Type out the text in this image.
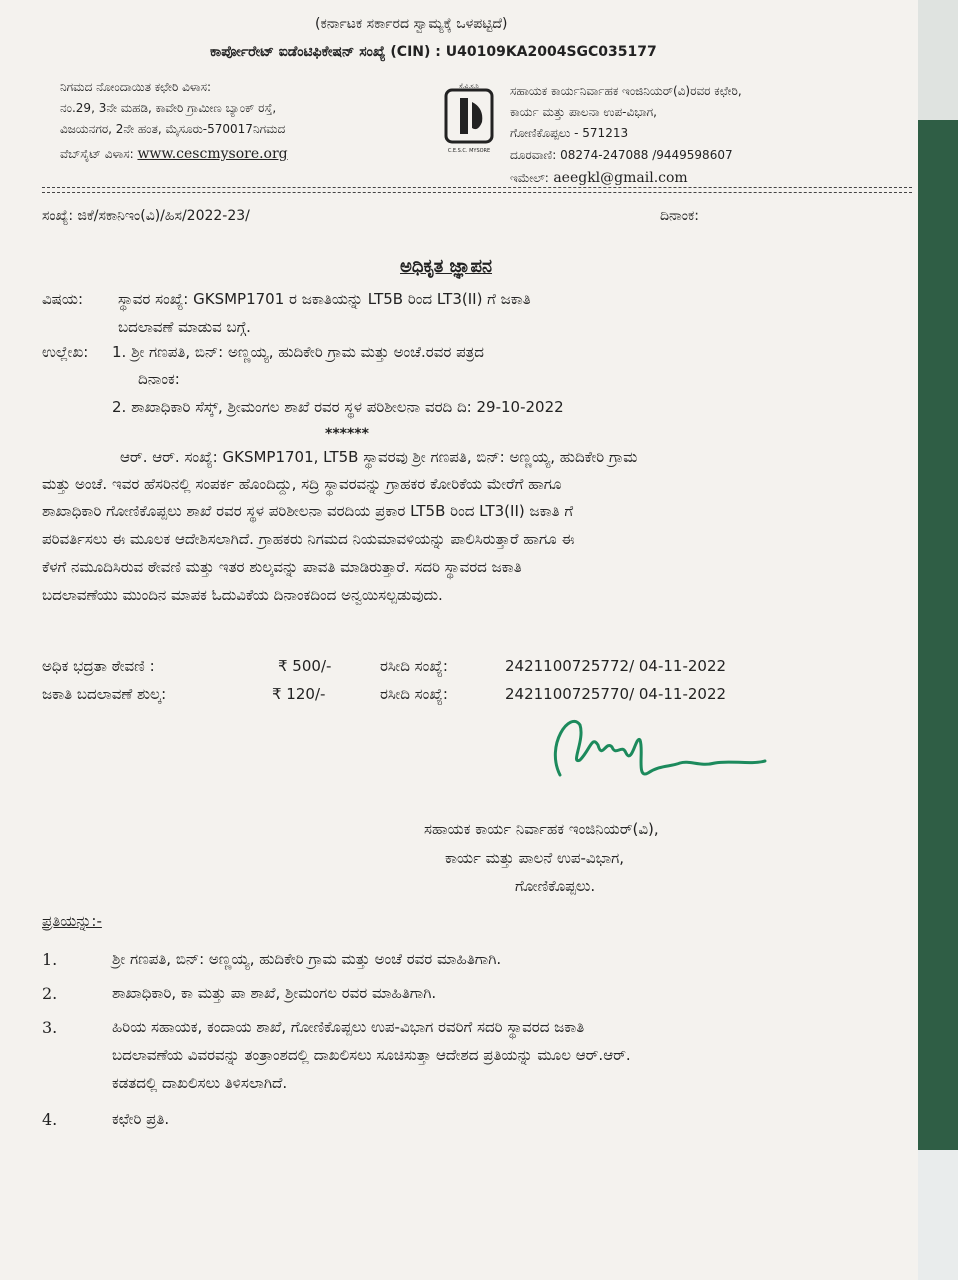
(ಕರ್ನಾಟಕ ಸರ್ಕಾರದ ಸ್ವಾಮ್ಯಕ್ಕೆ ಒಳಪಟ್ಟಿದೆ)
ಕಾರ್ಪೋರೇಟ್ ಐಡೆಂಟಿಫಿಕೇಷನ್ ಸಂಖ್ಯೆ (CIN) : U40109KA2004SGC035177
ನಿಗಮದ ನೋಂದಾಯಿತ ಕಛೇರಿ ವಿಳಾಸ:
ನಂ.29, 3ನೇ ಮಹಡಿ, ಕಾವೇರಿ ಗ್ರಾಮೀಣ ಬ್ಯಾಂಕ್ ರಸ್ತೆ,
ವಿಜಯನಗರ, 2ನೇ ಹಂತ, ಮೈಸೂರು-570017ನಿಗಮದ
ವೆಬ್‌ಸೈಟ್ ವಿಳಾಸ: www.cescmysore.org
ಸೆ.ವಿ.ಸ.ನಿ
C.E.S.C. MYSORE
ಸಹಾಯಕ ಕಾರ್ಯನಿರ್ವಾಹಕ ಇಂಜಿನಿಯರ್(ವಿ)ರವರ ಕಛೇರಿ,
ಕಾರ್ಯ ಮತ್ತು ಪಾಲನಾ ಉಪ-ವಿಭಾಗ,
ಗೋಣಿಕೊಪ್ಪಲು - 571213
ದೂರವಾಣಿ: 08274-247088 /9449598607
ಇಮೇಲ್: aeegkl@gmail.com
ಸಂಖ್ಯೆ: ಜಿಕೆ/ಸಕಾನಿಇಂ(ವಿ)/ಹಿಸ/2022-23/	ದಿನಾಂಕ:
ಅಧಿಕೃತ ಜ್ಞಾಪನ
ವಿಷಯ: ಸ್ಥಾವರ ಸಂಖ್ಯೆ: GKSMP1701 ರ ಜಕಾತಿಯನ್ನು LT5B ರಿಂದ LT3(II) ಗೆ ಜಕಾತಿ
ಬದಲಾವಣೆ ಮಾಡುವ ಬಗ್ಗೆ.
ಉಲ್ಲೇಖ: 1. ಶ್ರೀ ಗಣಪತಿ, ಬಿನ್: ಅಣ್ಣಯ್ಯ, ಹುದಿಕೇರಿ ಗ್ರಾಮ ಮತ್ತು ಅಂಚೆ.ರವರ ಪತ್ರದ
ದಿನಾಂಕ:
2. ಶಾಖಾಧಿಕಾರಿ ಸೆಸ್ಕ್, ಶ್ರೀಮಂಗಲ ಶಾಖೆ ರವರ ಸ್ಥಳ ಪರಿಶೀಲನಾ ವರದಿ ದಿ: 29-10-2022
******
ಆರ್. ಆರ್. ಸಂಖ್ಯೆ: GKSMP1701, LT5B ಸ್ಥಾವರವು ಶ್ರೀ ಗಣಪತಿ, ಬಿನ್: ಅಣ್ಣಯ್ಯ, ಹುದಿಕೇರಿ ಗ್ರಾಮ
ಮತ್ತು ಅಂಚೆ. ಇವರ ಹೆಸರಿನಲ್ಲಿ ಸಂಪರ್ಕ ಹೊಂದಿದ್ದು, ಸದ್ರಿ ಸ್ಥಾವರವನ್ನು ಗ್ರಾಹಕರ ಕೋರಿಕೆಯ ಮೇರೆಗೆ ಹಾಗೂ
ಶಾಖಾಧಿಕಾರಿ ಗೋಣಿಕೊಪ್ಪಲು ಶಾಖೆ ರವರ ಸ್ಥಳ ಪರಿಶೀಲನಾ ವರದಿಯ ಪ್ರಕಾರ LT5B ರಿಂದ LT3(II) ಜಕಾತಿ ಗೆ
ಪರಿವರ್ತಿಸಲು ಈ ಮೂಲಕ ಆದೇಶಿಸಲಾಗಿದೆ. ಗ್ರಾಹಕರು ನಿಗಮದ ನಿಯಮಾವಳಿಯನ್ನು ಪಾಲಿಸಿರುತ್ತಾರೆ ಹಾಗೂ ಈ
ಕೆಳಗೆ ನಮೂದಿಸಿರುವ ಠೇವಣಿ ಮತ್ತು ಇತರ ಶುಲ್ಕವನ್ನು ಪಾವತಿ ಮಾಡಿರುತ್ತಾರೆ. ಸದರಿ ಸ್ಥಾವರದ ಜಕಾತಿ
ಬದಲಾವಣೆಯು ಮುಂದಿನ ಮಾಪಕ ಓದುವಿಕೆಯ ದಿನಾಂಕದಿಂದ ಅನ್ವಯಿಸಲ್ಪಡುವುದು.
ಅಧಿಕ ಭದ್ರತಾ ಠೇವಣಿ :	₹ 500/-	ರಸೀದಿ ಸಂಖ್ಯೆ:	2421100725772/ 04-11-2022
ಜಕಾತಿ ಬದಲಾವಣೆ ಶುಲ್ಕ:	₹ 120/-	ರಸೀದಿ ಸಂಖ್ಯೆ:	2421100725770/ 04-11-2022
ಸಹಾಯಕ ಕಾರ್ಯ ನಿರ್ವಾಹಕ ಇಂಜಿನಿಯರ್(ವಿ),
ಕಾರ್ಯ ಮತ್ತು ಪಾಲನೆ ಉಪ-ವಿಭಾಗ,
ಗೋಣಿಕೊಪ್ಪಲು.
ಪ್ರತಿಯನ್ನು:-
1.	ಶ್ರೀ ಗಣಪತಿ, ಬಿನ್: ಅಣ್ಣಯ್ಯ, ಹುದಿಕೇರಿ ಗ್ರಾಮ ಮತ್ತು ಅಂಚೆ ರವರ ಮಾಹಿತಿಗಾಗಿ.
2.	ಶಾಖಾಧಿಕಾರಿ, ಕಾ ಮತ್ತು ಪಾ ಶಾಖೆ, ಶ್ರೀಮಂಗಲ ರವರ ಮಾಹಿತಿಗಾಗಿ.
3.	ಹಿರಿಯ ಸಹಾಯಕ, ಕಂದಾಯ ಶಾಖೆ, ಗೋಣಿಕೊಪ್ಪಲು ಉಪ-ವಿಭಾಗ ರವರಿಗೆ ಸದರಿ ಸ್ಥಾವರದ ಜಕಾತಿ
ಬದಲಾವಣೆಯ ವಿವರವನ್ನು ತಂತ್ರಾಂಶದಲ್ಲಿ ದಾಖಲಿಸಲು ಸೂಚಿಸುತ್ತಾ ಆದೇಶದ ಪ್ರತಿಯನ್ನು ಮೂಲ ಆರ್.ಆರ್.
ಕಡತದಲ್ಲಿ ದಾಖಲಿಸಲು ತಿಳಿಸಲಾಗಿದೆ.
4.	ಕಛೇರಿ ಪ್ರತಿ.
